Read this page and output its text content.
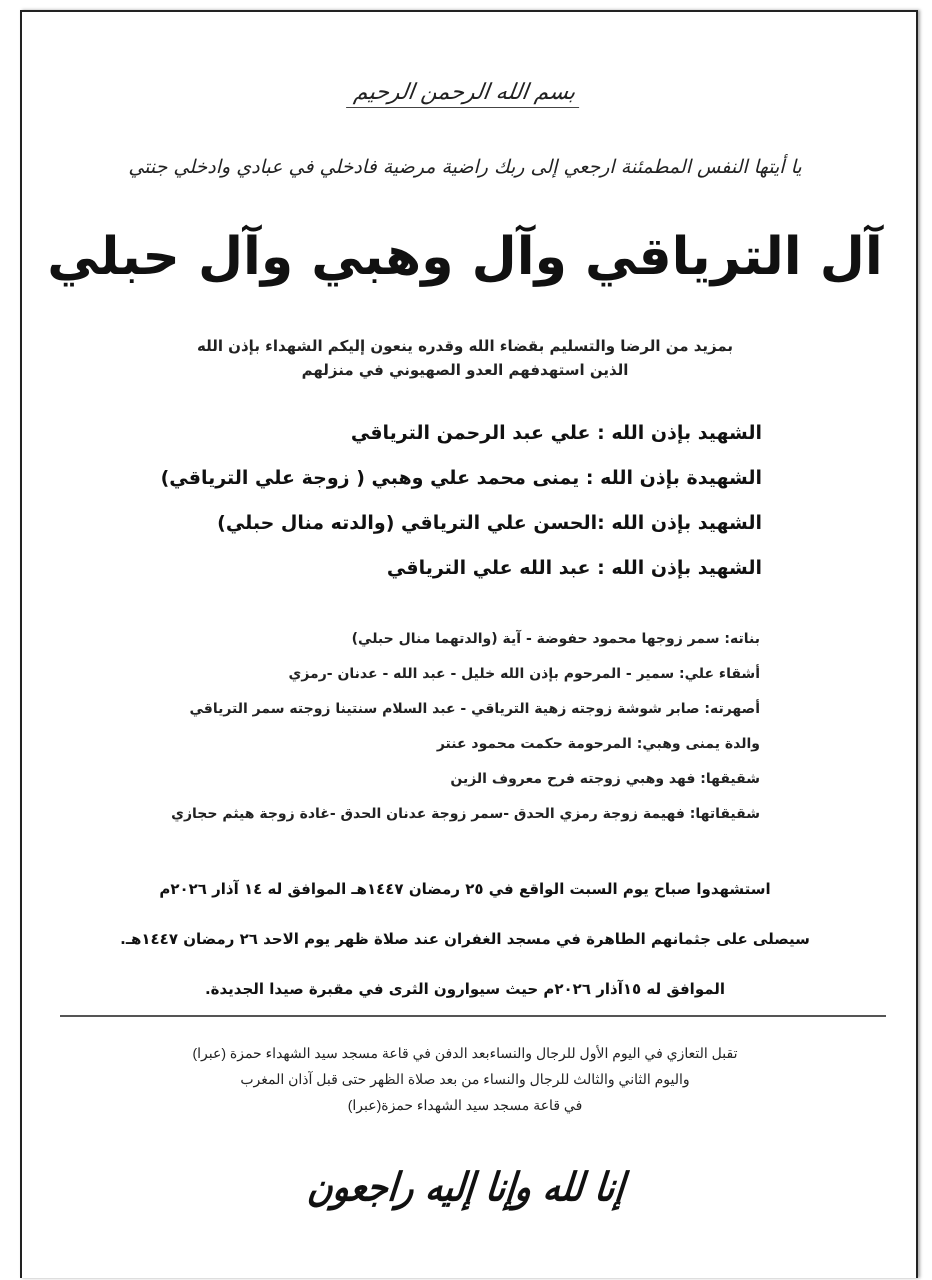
بسم الله الرحمن الرحيم
يا أيتها النفس المطمئنة ارجعي إلى ربك راضية مرضية فادخلي في عبادي وادخلي جنتي
آل الترياقي وآل وهبي وآل حبلي
بمزيد من الرضا والتسليم بقضاء الله وقدره ينعون إليكم الشهداء بإذن الله
الذين استهدفهم العدو الصهيوني في منزلهم
الشهيد بإذن الله : علي عبد الرحمن الترياقي
الشهيدة بإذن الله : يمنى محمد علي وهبي ( زوجة علي الترياقي)
الشهيد بإذن الله :الحسن علي الترياقي (والدته منال حبلي)
الشهيد بإذن الله : عبد الله علي الترياقي
بناته: سمر زوجها محمود حفوضة - آية (والدتهما منال حبلي)
أشقاء علي: سمير - المرحوم بإذن الله خليل - عبد الله - عدنان -رمزي
أصهرته: صابر شوشة زوجته زهية الترياقي - عبد السلام سنتينا زوجته سمر الترياقي
والدة يمنى وهبي: المرحومة حكمت محمود عنتر
شقيقها: فهد وهبي زوجته فرح معروف الزين
شقيقاتها: فهيمة زوجة رمزي الحدق -سمر زوجة عدنان الحدق -غادة زوجة هيثم حجازي
استشهدوا صباح يوم السبت الواقع في ٢٥ رمضان ١٤٤٧هـ الموافق له ١٤ آذار ٢٠٢٦م
سيصلى على جثمانهم الطاهرة في مسجد الغفران عند صلاة ظهر يوم الاحد ٢٦ رمضان ١٤٤٧هـ.
الموافق له ١٥آذار ٢٠٢٦م حيث سيوارون الثرى في مقبرة صيدا الجديدة.
تقبل التعازي في اليوم الأول للرجال والنساءبعد الدفن في قاعة مسجد سيد الشهداء حمزة (عبرا)
واليوم الثاني والثالث للرجال والنساء من بعد صلاة الظهر حتى قبل آذان المغرب
في قاعة مسجد سيد الشهداء حمزة(عبرا)
إنا لله وإنا إليه راجعون
